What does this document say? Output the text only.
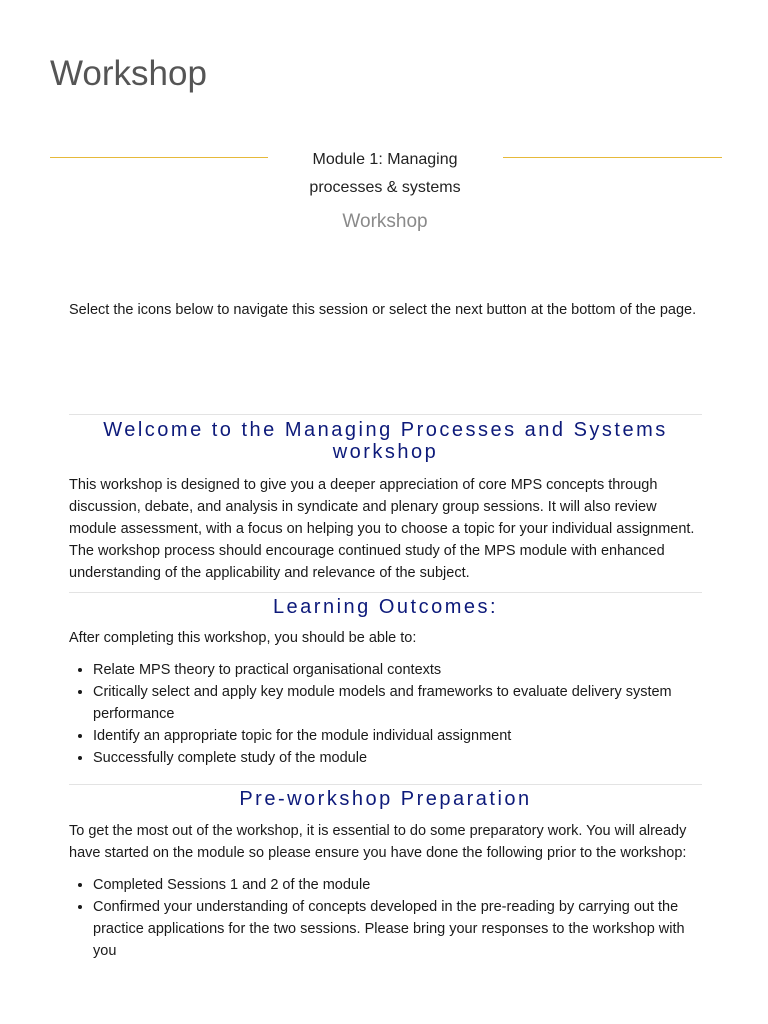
Workshop
Module 1: Managing
processes & systems
Workshop

Select the icons below to navigate this session or select the next button at the bottom of the page.

Welcome to the Managing Processes and Systems workshop

This workshop is designed to give you a deeper appreciation of core MPS concepts through discussion, debate, and analysis in syndicate and plenary group sessions. It will also review module assessment, with a focus on helping you to choose a topic for your individual assignment. The workshop process should encourage continued study of the MPS module with enhanced understanding of the applicability and relevance of the subject.

Learning Outcomes:

After completing this workshop, you should be able to:

• Relate MPS theory to practical organisational contexts
• Critically select and apply key module models and frameworks to evaluate delivery system performance
• Identify an appropriate topic for the module individual assignment
• Successfully complete study of the module
Pre-workshop Preparation

To get the most out of the workshop, it is essential to do some preparatory work. You will already have started on the module so please ensure you have done the following prior to the workshop:

• Completed Sessions 1 and 2 of the module
• Confirmed your understanding of concepts developed in the pre-reading by carrying out the practice applications for the two sessions. Please bring your responses to the workshop with you
